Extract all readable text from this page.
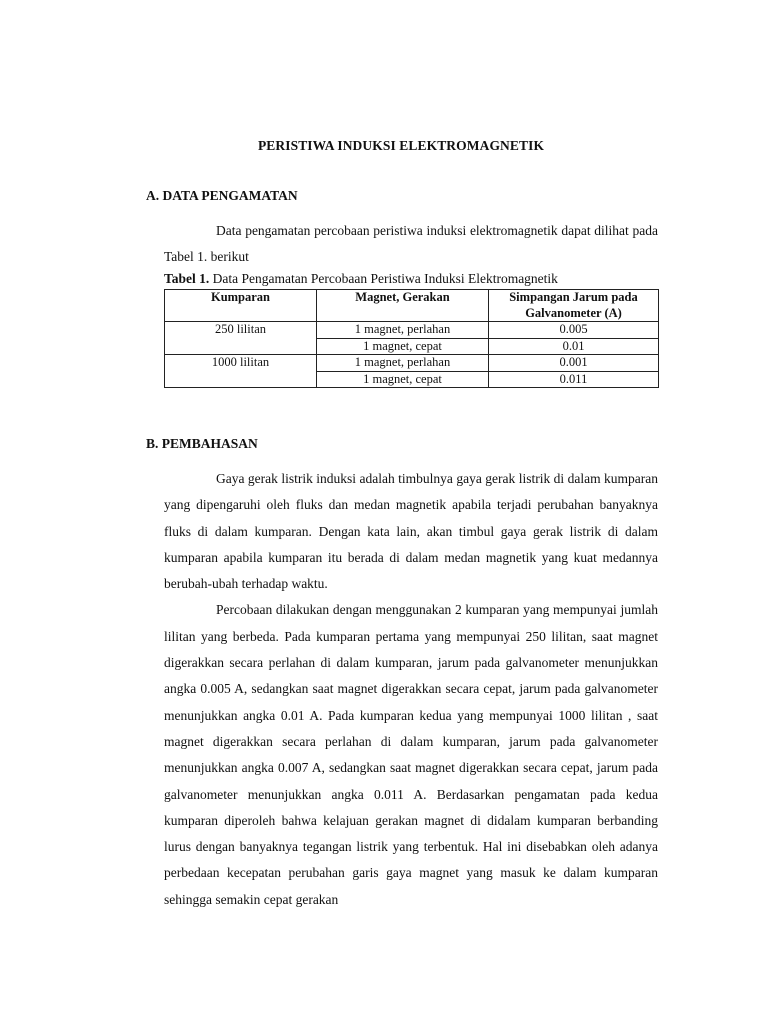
PERISTIWA INDUKSI ELEKTROMAGNETIK
A. DATA PENGAMATAN

Data pengamatan percobaan peristiwa induksi elektromagnetik dapat dilihat pada Tabel 1. berikut

Tabel 1. Data Pengamatan Percobaan Peristiwa Induksi Elektromagnetik
Kumparan	Magnet, Gerakan	Simpangan Jarum pada Galvanometer (A)
250 lilitan	1 magnet, perlahan	0.005
	1 magnet, cepat	0.01
1000 lilitan	1 magnet, perlahan	0.001
	1 magnet, cepat	0.011
B. PEMBAHASAN

Gaya gerak listrik induksi adalah timbulnya gaya gerak listrik di dalam kumparan yang dipengaruhi oleh fluks dan medan magnetik apabila terjadi perubahan banyaknya fluks di dalam kumparan. Dengan kata lain, akan timbul gaya gerak listrik di dalam kumparan apabila kumparan itu berada di dalam medan magnetik yang kuat medannya berubah-ubah terhadap waktu.

Percobaan dilakukan dengan menggunakan 2 kumparan yang mempunyai jumlah lilitan yang berbeda. Pada kumparan pertama yang mempunyai 250 lilitan, saat magnet digerakkan secara perlahan di dalam kumparan, jarum pada galvanometer menunjukkan angka 0.005 A, sedangkan saat magnet digerakkan secara cepat, jarum pada galvanometer menunjukkan angka 0.01 A. Pada kumparan kedua yang mempunyai 1000 lilitan , saat magnet digerakkan secara perlahan di dalam kumparan, jarum pada galvanometer menunjukkan angka 0.007 A, sedangkan saat magnet digerakkan secara cepat, jarum pada galvanometer menunjukkan angka 0.011 A. Berdasarkan pengamatan pada kedua kumparan diperoleh bahwa kelajuan gerakan magnet di didalam kumparan berbanding lurus dengan banyaknya tegangan listrik yang terbentuk. Hal ini disebabkan oleh adanya perbedaan kecepatan perubahan garis gaya magnet yang masuk ke dalam kumparan sehingga semakin cepat gerakan
